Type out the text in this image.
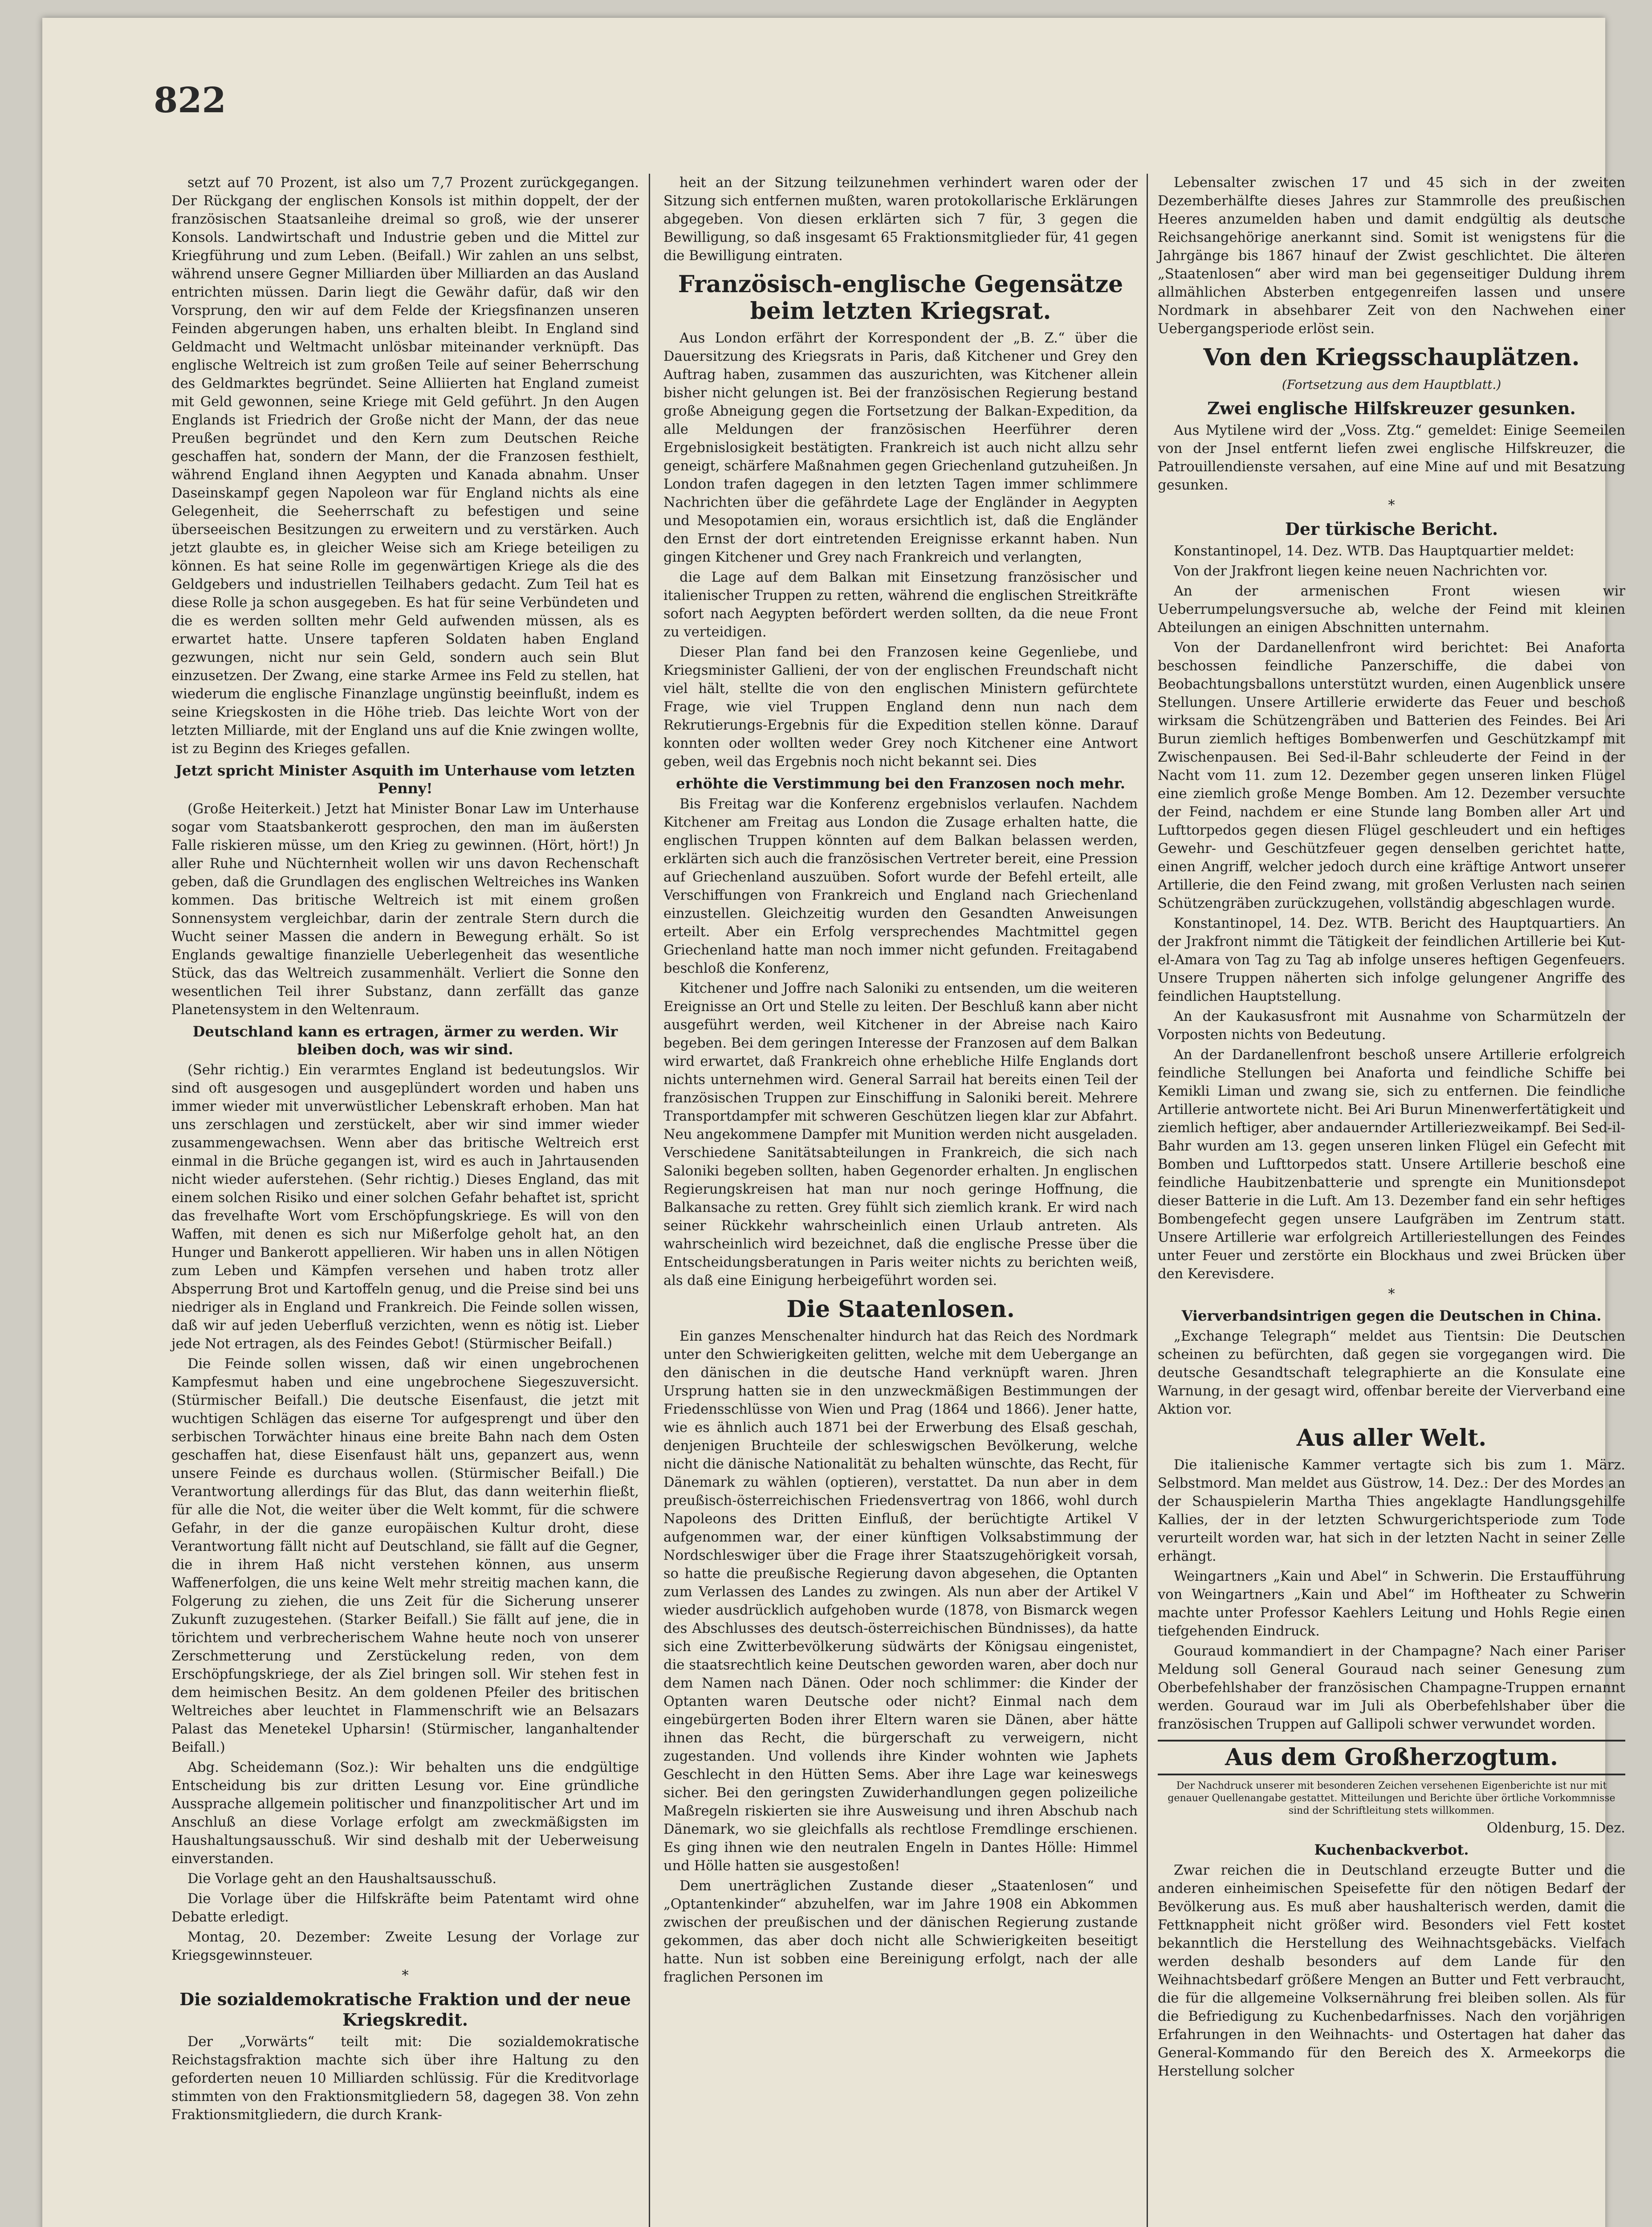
822

setzt auf 70 Prozent, ist also um 7,7 Prozent zurückgegangen. Der Rückgang der englischen Konsols ist mithin doppelt, der der französischen Staatsanleihe dreimal so groß, wie der unserer Konsols. Landwirtschaft und Industrie geben und die Mittel zur Kriegführung und zum Leben. (Beifall.) Wir zahlen an uns selbst, während unsere Gegner Milliarden über Milliarden an das Ausland entrichten müssen. Darin liegt die Gewähr dafür, daß wir den Vorsprung, den wir auf dem Felde der Kriegsfinanzen unseren Feinden abgerungen haben, uns erhalten bleibt. In England sind Geldmacht und Weltmacht unlösbar miteinander verknüpft. Das englische Weltreich ist zum großen Teile auf seiner Beherrschung des Geldmarktes begründet. Seine Alliierten hat England zumeist mit Geld gewonnen, seine Kriege mit Geld geführt. Jn den Augen Englands ist Friedrich der Große nicht der Mann, der das neue Preußen begründet und den Kern zum Deutschen Reiche geschaffen hat, sondern der Mann, der die Franzosen festhielt, während England ihnen Aegypten und Kanada abnahm. Unser Daseinskampf gegen Napoleon war für England nichts als eine Gelegenheit, die Seeherrschaft zu befestigen und seine überseeischen Besitzungen zu erweitern und zu verstärken. Auch jetzt glaubte es, in gleicher Weise sich am Kriege beteiligen zu können. Es hat seine Rolle im gegenwärtigen Kriege als die des Geldgebers und industriellen Teilhabers gedacht. Zum Teil hat es diese Rolle ja schon ausgegeben. Es hat für seine Verbündeten und die es werden sollten mehr Geld aufwenden müssen, als es erwartet hatte. Unsere tapferen Soldaten haben England gezwungen, nicht nur sein Geld, sondern auch sein Blut einzusetzen. Der Zwang, eine starke Armee ins Feld zu stellen, hat wiederum die englische Finanzlage ungünstig beeinflußt, indem es seine Kriegskosten in die Höhe trieb. Das leichte Wort von der letzten Milliarde, mit der England uns auf die Knie zwingen wollte, ist zu Beginn des Krieges gefallen.

Jetzt spricht Minister Asquith im Unterhause vom letzten Penny!

(Große Heiterkeit.) Jetzt hat Minister Bonar Law im Unterhause sogar vom Staatsbankerott gesprochen, den man im äußersten Falle riskieren müsse, um den Krieg zu gewinnen. (Hört, hört!) Jn aller Ruhe und Nüchternheit wollen wir uns davon Rechenschaft geben, daß die Grundlagen des englischen Weltreiches ins Wanken kommen. Das britische Weltreich ist mit einem großen Sonnensystem vergleichbar, darin der zentrale Stern durch die Wucht seiner Massen die andern in Bewegung erhält. So ist Englands gewaltige finanzielle Ueberlegenheit das wesentliche Stück, das das Weltreich zusammenhält. Verliert die Sonne den wesentlichen Teil ihrer Substanz, dann zerfällt das ganze Planetensystem in den Weltenraum.

Deutschland kann es ertragen, ärmer zu werden. Wir bleiben doch, was wir sind.

(Sehr richtig.) Ein verarmtes England ist bedeutungslos. Wir sind oft ausgesogen und ausgeplündert worden und haben uns immer wieder mit unverwüstlicher Lebenskraft erhoben. Man hat uns zerschlagen und zerstückelt, aber wir sind immer wieder zusammengewachsen. Wenn aber das britische Weltreich erst einmal in die Brüche gegangen ist, wird es auch in Jahrtausenden nicht wieder auferstehen. (Sehr richtig.) Dieses England, das mit einem solchen Risiko und einer solchen Gefahr behaftet ist, spricht das frevelhafte Wort vom Erschöpfungskriege. Es will von den Waffen, mit denen es sich nur Mißerfolge geholt hat, an den Hunger und Bankerott appellieren. Wir haben uns in allen Nötigen zum Leben und Kämpfen versehen und haben trotz aller Absperrung Brot und Kartoffeln genug, und die Preise sind bei uns niedriger als in England und Frankreich. Die Feinde sollen wissen, daß wir auf jeden Ueberfluß verzichten, wenn es nötig ist. Lieber jede Not ertragen, als des Feindes Gebot! (Stürmischer Beifall.)

Die Feinde sollen wissen, daß wir einen ungebrochenen Kampfesmut haben und eine ungebrochene Siegeszuversicht. (Stürmischer Beifall.) Die deutsche Eisenfaust, die jetzt mit wuchtigen Schlägen das eiserne Tor aufgesprengt und über den serbischen Torwächter hinaus eine breite Bahn nach dem Osten geschaffen hat, diese Eisenfaust hält uns, gepanzert aus, wenn unsere Feinde es durchaus wollen. (Stürmischer Beifall.) Die Verantwortung allerdings für das Blut, das dann weiterhin fließt, für alle die Not, die weiter über die Welt kommt, für die schwere Gefahr, in der die ganze europäischen Kultur droht, diese Verantwortung fällt nicht auf Deutschland, sie fällt auf die Gegner, die in ihrem Haß nicht verstehen können, aus unserm Waffenerfolgen, die uns keine Welt mehr streitig machen kann, die Folgerung zu ziehen, die uns Zeit für die Sicherung unserer Zukunft zuzugestehen. (Starker Beifall.) Sie fällt auf jene, die in törichtem und verbrecherischem Wahne heute noch von unserer Zerschmetterung und Zerstückelung reden, von dem Erschöpfungskriege, der als Ziel bringen soll. Wir stehen fest in dem heimischen Besitz. An dem goldenen Pfeiler des britischen Weltreiches aber leuchtet in Flammenschrift wie an Belsazars Palast das Menetekel Upharsin! (Stürmischer, langanhaltender Beifall.)

Abg. Scheidemann (Soz.): Wir behalten uns die endgültige Entscheidung bis zur dritten Lesung vor. Eine gründliche Aussprache allgemein politischer und finanzpolitischer Art und im Anschluß an diese Vorlage erfolgt am zweckmäßigsten im Haushaltungsausschuß. Wir sind deshalb mit der Ueberweisung einverstanden.

Die Vorlage geht an den Haushaltsausschuß.

Die Vorlage über die Hilfskräfte beim Patentamt wird ohne Debatte erledigt.

Montag, 20. Dezember: Zweite Lesung der Vorlage zur Kriegsgewinnsteuer.

*

Die sozialdemokratische Fraktion und der neue Kriegskredit.

Der „Vorwärts“ teilt mit: Die sozialdemokratische Reichstagsfraktion machte sich über ihre Haltung zu den geforderten neuen 10 Milliarden schlüssig. Für die Kreditvorlage stimmten von den Fraktionsmitgliedern 58, dagegen 38. Von zehn Fraktionsmitgliedern, die durch Krank-

heit an der Sitzung teilzunehmen verhindert waren oder der Sitzung sich entfernen mußten, waren protokollarische Erklärungen abgegeben. Von diesen erklärten sich 7 für, 3 gegen die Bewilligung, so daß insgesamt 65 Fraktionsmitglieder für, 41 gegen die Bewilligung eintraten.

Französisch-englische Gegensätze beim letzten Kriegsrat.

Aus London erfährt der Korrespondent der „B. Z.“ über die Dauersitzung des Kriegsrats in Paris, daß Kitchener und Grey den Auftrag haben, zusammen das auszurichten, was Kitchener allein bisher nicht gelungen ist. Bei der französischen Regierung bestand große Abneigung gegen die Fortsetzung der Balkan-Expedition, da alle Meldungen der französischen Heerführer deren Ergebnislosigkeit bestätigten. Frankreich ist auch nicht allzu sehr geneigt, schärfere Maßnahmen gegen Griechenland gutzuheißen. Jn London trafen dagegen in den letzten Tagen immer schlimmere Nachrichten über die gefährdete Lage der Engländer in Aegypten und Mesopotamien ein, woraus ersichtlich ist, daß die Engländer den Ernst der dort eintretenden Ereignisse erkannt haben. Nun gingen Kitchener und Grey nach Frankreich und verlangten,

die Lage auf dem Balkan mit Einsetzung französischer und italienischer Truppen zu retten, während die englischen Streitkräfte sofort nach Aegypten befördert werden sollten, da die neue Front zu verteidigen.

Dieser Plan fand bei den Franzosen keine Gegenliebe, und Kriegsminister Gallieni, der von der englischen Freundschaft nicht viel hält, stellte die von den englischen Ministern gefürchtete Frage, wie viel Truppen England denn nun nach dem Rekrutierungs-Ergebnis für die Expedition stellen könne. Darauf konnten oder wollten weder Grey noch Kitchener eine Antwort geben, weil das Ergebnis noch nicht bekannt sei. Dies

erhöhte die Verstimmung bei den Franzosen noch mehr.

Bis Freitag war die Konferenz ergebnislos verlaufen. Nachdem Kitchener am Freitag aus London die Zusage erhalten hatte, die englischen Truppen könnten auf dem Balkan belassen werden, erklärten sich auch die französischen Vertreter bereit, eine Pression auf Griechenland auszuüben. Sofort wurde der Befehl erteilt, alle Verschiffungen von Frankreich und England nach Griechenland einzustellen. Gleichzeitig wurden den Gesandten Anweisungen erteilt. Aber ein Erfolg versprechendes Machtmittel gegen Griechenland hatte man noch immer nicht gefunden. Freitagabend beschloß die Konferenz,

Kitchener und Joffre nach Saloniki zu entsenden, um die weiteren Ereignisse an Ort und Stelle zu leiten. Der Beschluß kann aber nicht ausgeführt werden, weil Kitchener in der Abreise nach Kairo begeben. Bei dem geringen Interesse der Franzosen auf dem Balkan wird erwartet, daß Frankreich ohne erhebliche Hilfe Englands dort nichts unternehmen wird. General Sarrail hat bereits einen Teil der französischen Truppen zur Einschiffung in Saloniki bereit. Mehrere Transportdampfer mit schweren Geschützen liegen klar zur Abfahrt. Neu angekommene Dampfer mit Munition werden nicht ausgeladen. Verschiedene Sanitätsabteilungen in Frankreich, die sich nach Saloniki begeben sollten, haben Gegenorder erhalten. Jn englischen Regierungskreisen hat man nur noch geringe Hoffnung, die Balkansache zu retten. Grey fühlt sich ziemlich krank. Er wird nach seiner Rückkehr wahrscheinlich einen Urlaub antreten. Als wahrscheinlich wird bezeichnet, daß die englische Presse über die Entscheidungsberatungen in Paris weiter nichts zu berichten weiß, als daß eine Einigung herbeigeführt worden sei.

Die Staatenlosen.

Ein ganzes Menschenalter hindurch hat das Reich des Nordmark unter den Schwierigkeiten gelitten, welche mit dem Uebergange an den dänischen in die deutsche Hand verknüpft waren. Jhren Ursprung hatten sie in den unzweckmäßigen Bestimmungen der Friedensschlüsse von Wien und Prag (1864 und 1866). Jener hatte, wie es ähnlich auch 1871 bei der Erwerbung des Elsaß geschah, denjenigen Bruchteile der schleswigschen Bevölkerung, welche nicht die dänische Nationalität zu behalten wünschte, das Recht, für Dänemark zu wählen (optieren), verstattet. Da nun aber in dem preußisch-österreichischen Friedensvertrag von 1866, wohl durch Napoleons des Dritten Einfluß, der berüchtigte Artikel V aufgenommen war, der einer künftigen Volksabstimmung der Nordschleswiger über die Frage ihrer Staatszugehörigkeit vorsah, so hatte die preußische Regierung davon abgesehen, die Optanten zum Verlassen des Landes zu zwingen. Als nun aber der Artikel V wieder ausdrücklich aufgehoben wurde (1878, von Bismarck wegen des Abschlusses des deutsch-österreichischen Bündnisses), da hatte sich eine Zwitterbevölkerung südwärts der Königsau eingenistet, die staatsrechtlich keine Deutschen geworden waren, aber doch nur dem Namen nach Dänen. Oder noch schlimmer: die Kinder der Optanten waren Deutsche oder nicht? Einmal nach dem eingebürgerten Boden ihrer Eltern waren sie Dänen, aber hätte ihnen das Recht, die bürgerschaft zu verweigern, nicht zugestanden. Und vollends ihre Kinder wohnten wie Japhets Geschlecht in den Hütten Sems. Aber ihre Lage war keineswegs sicher. Bei den geringsten Zuwiderhandlungen gegen polizeiliche Maßregeln riskierten sie ihre Ausweisung und ihren Abschub nach Dänemark, wo sie gleichfalls als rechtlose Fremdlinge erschienen. Es ging ihnen wie den neutralen Engeln in Dantes Hölle: Himmel und Hölle hatten sie ausgestoßen!

Dem unerträglichen Zustande dieser „Staatenlosen“ und „Optantenkinder“ abzuhelfen, war im Jahre 1908 ein Abkommen zwischen der preußischen und der dänischen Regierung zustande gekommen, das aber doch nicht alle Schwierigkeiten beseitigt hatte. Nun ist sobben eine Bereinigung erfolgt, nach der alle fraglichen Personen im

Lebensalter zwischen 17 und 45 sich in der zweiten Dezemberhälfte dieses Jahres zur Stammrolle des preußischen Heeres anzumelden haben und damit endgültig als deutsche Reichsangehörige anerkannt sind. Somit ist wenigstens für die Jahrgänge bis 1867 hinauf der Zwist geschlichtet. Die älteren „Staatenlosen“ aber wird man bei gegenseitiger Duldung ihrem allmählichen Absterben entgegenreifen lassen und unsere Nordmark in absehbarer Zeit von den Nachwehen einer Uebergangsperiode erlöst sein.

Von den Kriegsschauplätzen.

(Fortsetzung aus dem Hauptblatt.)

Zwei englische Hilfskreuzer gesunken.

Aus Mytilene wird der „Voss. Ztg.“ gemeldet: Einige Seemeilen von der Jnsel entfernt liefen zwei englische Hilfskreuzer, die Patrouillendienste versahen, auf eine Mine auf und mit Besatzung gesunken.

*

Der türkische Bericht.

Konstantinopel, 14. Dez. WTB. Das Hauptquartier meldet:

Von der Jrakfront liegen keine neuen Nachrichten vor.

An der armenischen Front wiesen wir Ueberrumpelungsversuche ab, welche der Feind mit kleinen Abteilungen an einigen Abschnitten unternahm.

Von der Dardanellenfront wird berichtet: Bei Anaforta beschossen feindliche Panzerschiffe, die dabei von Beobachtungsballons unterstützt wurden, einen Augenblick unsere Stellungen. Unsere Artillerie erwiderte das Feuer und beschoß wirksam die Schützengräben und Batterien des Feindes. Bei Ari Burun ziemlich heftiges Bombenwerfen und Geschützkampf mit Zwischenpausen. Bei Sed-il-Bahr schleuderte der Feind in der Nacht vom 11. zum 12. Dezember gegen unseren linken Flügel eine ziemlich große Menge Bomben. Am 12. Dezember versuchte der Feind, nachdem er eine Stunde lang Bomben aller Art und Lufttorpedos gegen diesen Flügel geschleudert und ein heftiges Gewehr- und Geschützfeuer gegen denselben gerichtet hatte, einen Angriff, welcher jedoch durch eine kräftige Antwort unserer Artillerie, die den Feind zwang, mit großen Verlusten nach seinen Schützengräben zurückzugehen, vollständig abgeschlagen wurde.

Konstantinopel, 14. Dez. WTB. Bericht des Hauptquartiers. An der Jrakfront nimmt die Tätigkeit der feindlichen Artillerie bei Kut-el-Amara von Tag zu Tag ab infolge unseres heftigen Gegenfeuers. Unsere Truppen näherten sich infolge gelungener Angriffe des feindlichen Hauptstellung.

An der Kaukasusfront mit Ausnahme von Scharmützeln der Vorposten nichts von Bedeutung.

An der Dardanellenfront beschoß unsere Artillerie erfolgreich feindliche Stellungen bei Anaforta und feindliche Schiffe bei Kemikli Liman und zwang sie, sich zu entfernen. Die feindliche Artillerie antwortete nicht. Bei Ari Burun Minenwerfertätigkeit und ziemlich heftiger, aber andauernder Artilleriezweikampf. Bei Sed-il-Bahr wurden am 13. gegen unseren linken Flügel ein Gefecht mit Bomben und Lufttorpedos statt. Unsere Artillerie beschoß eine feindliche Haubitzenbatterie und sprengte ein Munitionsdepot dieser Batterie in die Luft. Am 13. Dezember fand ein sehr heftiges Bombengefecht gegen unsere Laufgräben im Zentrum statt. Unsere Artillerie war erfolgreich Artilleriestellungen des Feindes unter Feuer und zerstörte ein Blockhaus und zwei Brücken über den Kerevisdere.

*

Vierverbandsintrigen gegen die Deutschen in China.

„Exchange Telegraph“ meldet aus Tientsin: Die Deutschen scheinen zu befürchten, daß gegen sie vorgegangen wird. Die deutsche Gesandtschaft telegraphierte an die Konsulate eine Warnung, in der gesagt wird, offenbar bereite der Vierverband eine Aktion vor.

Aus aller Welt.

Die italienische Kammer vertagte sich bis zum 1. März. Selbstmord. Man meldet aus Güstrow, 14. Dez.: Der des Mordes an der Schauspielerin Martha Thies angeklagte Handlungsgehilfe Kallies, der in der letzten Schwurgerichtsperiode zum Tode verurteilt worden war, hat sich in der letzten Nacht in seiner Zelle erhängt.

Weingartners „Kain und Abel“ in Schwerin. Die Erstaufführung von Weingartners „Kain und Abel“ im Hoftheater zu Schwerin machte unter Professor Kaehlers Leitung und Hohls Regie einen tiefgehenden Eindruck.

Gouraud kommandiert in der Champagne? Nach einer Pariser Meldung soll General Gouraud nach seiner Genesung zum Oberbefehlshaber der französischen Champagne-Truppen ernannt werden. Gouraud war im Juli als Oberbefehlshaber über die französischen Truppen auf Gallipoli schwer verwundet worden.

Aus dem Großherzogtum.

Der Nachdruck unserer mit besonderen Zeichen versehenen Eigenberichte ist nur mit genauer Quellenangabe gestattet. Mitteilungen und Berichte über örtliche Vorkommnisse sind der Schriftleitung stets willkommen.

Oldenburg, 15. Dez.

Kuchenbackverbot.

Zwar reichen die in Deutschland erzeugte Butter und die anderen einheimischen Speisefette für den nötigen Bedarf der Bevölkerung aus. Es muß aber haushalterisch werden, damit die Fettknappheit nicht größer wird. Besonders viel Fett kostet bekanntlich die Herstellung des Weihnachtsgebäcks. Vielfach werden deshalb besonders auf dem Lande für den Weihnachtsbedarf größere Mengen an Butter und Fett verbraucht, die für die allgemeine Volksernährung frei bleiben sollen. Als für die Befriedigung zu Kuchenbedarfnisses. Nach den vorjährigen Erfahrungen in den Weihnachts- und Ostertagen hat daher das General-Kommando für den Bereich des X. Armeekorps die Herstellung solcher
